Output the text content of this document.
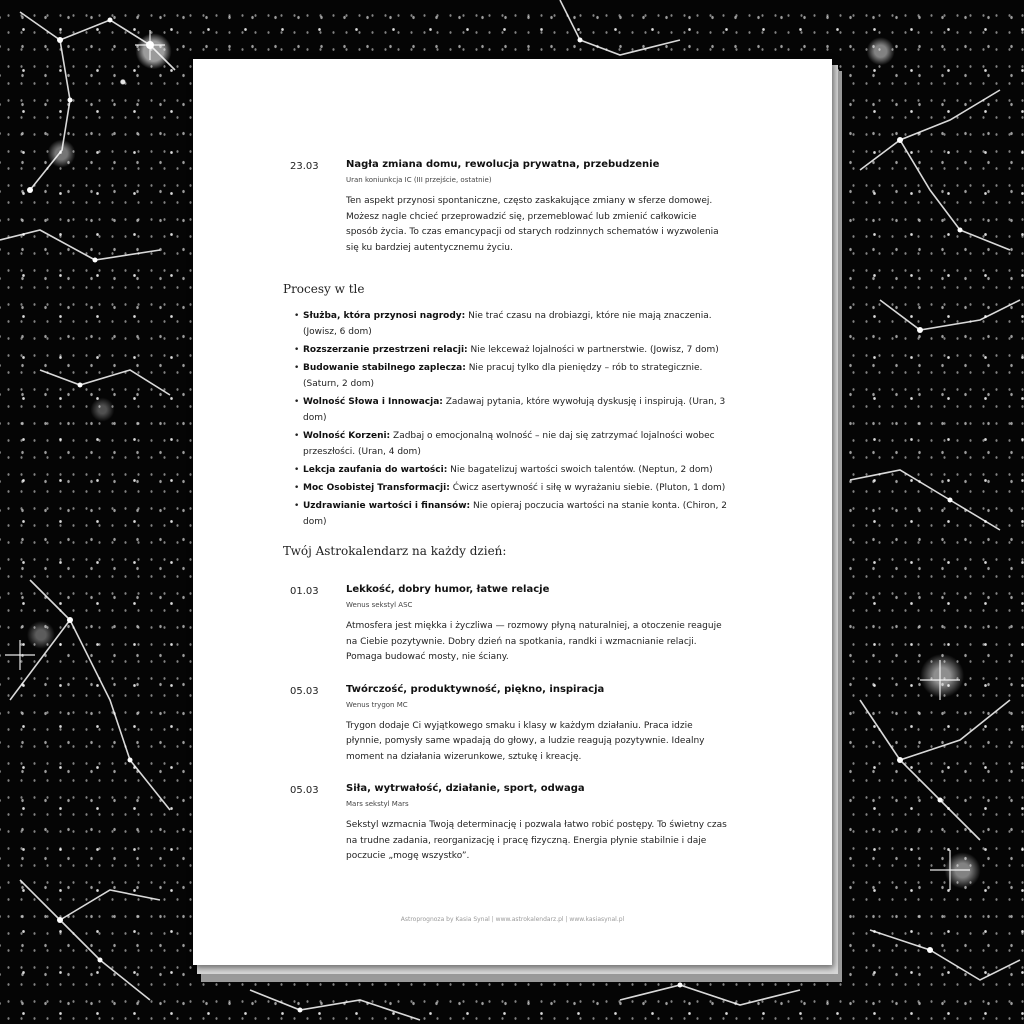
23.03	Nagła zmiana domu, rewolucja prywatna, przebudzenie

Uran koniunkcja IC (III przejście, ostatnie)

Ten aspekt przynosi spontaniczne, często zaskakujące zmiany w sferze domowej. Możesz nagle chcieć przeprowadzić się, przemeblować lub zmienić całkowicie sposób życia. To czas emancypacji od starych rodzinnych schematów i wyzwolenia się ku bardziej autentycznemu życiu.

Procesy w tle
• Służba, która przynosi nagrody: Nie trać czasu na drobiazgi, które nie mają znaczenia. (Jowisz, 6 dom)
• Rozszerzanie przestrzeni relacji: Nie lekceważ lojalności w partnerstwie. (Jowisz, 7 dom)
• Budowanie stabilnego zaplecza: Nie pracuj tylko dla pieniędzy – rób to strategicznie. (Saturn, 2 dom)
• Wolność Słowa i Innowacja: Zadawaj pytania, które wywołują dyskusję i inspirują. (Uran, 3 dom)
• Wolność Korzeni: Zadbaj o emocjonalną wolność – nie daj się zatrzymać lojalności wobec przeszłości. (Uran, 4 dom)
• Lekcja zaufania do wartości: Nie bagatelizuj wartości swoich talentów. (Neptun, 2 dom)
• Moc Osobistej Transformacji: Ćwicz asertywność i siłę w wyrażaniu siebie. (Pluton, 1 dom)
• Uzdrawianie wartości i finansów: Nie opieraj poczucia wartości na stanie konta. (Chiron, 2 dom)
Twój Astrokalendarz na każdy dzień:
01.03	Lekkość, dobry humor, łatwe relacje

Wenus sekstyl ASC

Atmosfera jest miękka i życzliwa — rozmowy płyną naturalniej, a otoczenie reaguje na Ciebie pozytywnie. Dobry dzień na spotkania, randki i wzmacnianie relacji. Pomaga budować mosty, nie ściany.

05.03	Twórczość, produktywność, piękno, inspiracja

Wenus trygon MC

Trygon dodaje Ci wyjątkowego smaku i klasy w każdym działaniu. Praca idzie płynnie, pomysły same wpadają do głowy, a ludzie reagują pozytywnie. Idealny moment na działania wizerunkowe, sztukę i kreację.

05.03	Siła, wytrwałość, działanie, sport, odwaga

Mars sekstyl Mars

Sekstyl wzmacnia Twoją determinację i pozwala łatwo robić postępy. To świetny czas na trudne zadania, reorganizację i pracę fizyczną. Energia płynie stabilnie i daje poczucie „mogę wszystko”.

Astroprognoza by Kasia Synal | www.astrokalendarz.pl | www.kasiasynal.pl
